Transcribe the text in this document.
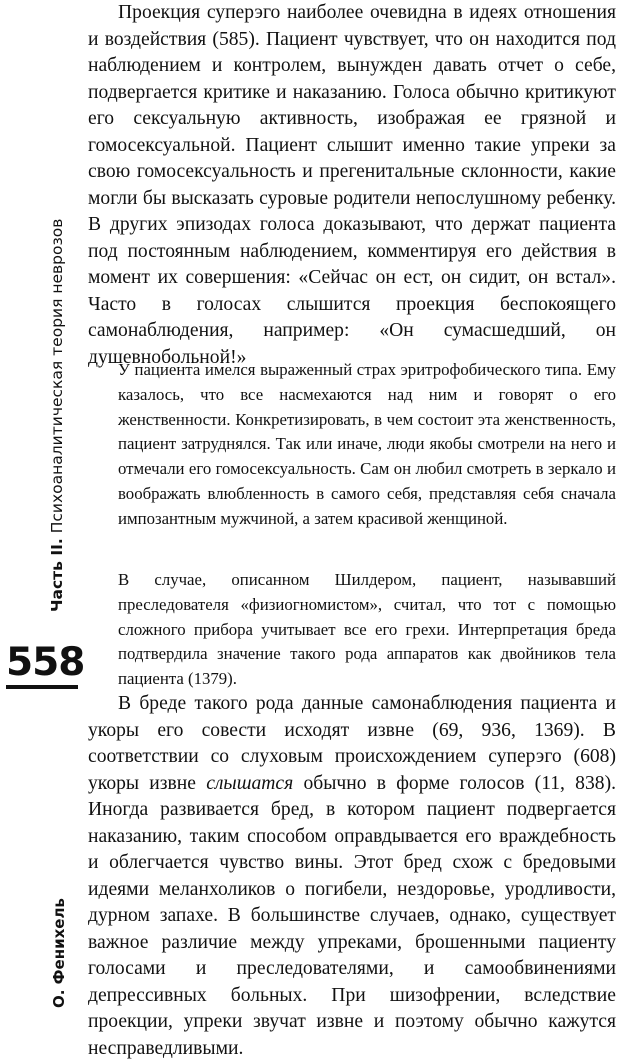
Часть II. Психоаналитическая теория неврозов
558
О. Фенихель

Проекция суперэго наиболее очевидна в идеях отношения и воздействия (585). Пациент чувствует, что он находится под наблюдением и контролем, вынужден давать отчет о себе, подвергается критике и наказанию. Голоса обычно критикуют его сексуальную активность, изображая ее грязной и гомосексуальной. Пациент слышит именно такие упреки за свою гомосексуальность и прегенитальные склонности, какие могли бы высказать суровые родители непослушному ребенку. В других эпизодах голоса доказывают, что держат пациента под постоянным наблюдением, комментируя его действия в момент их совершения: «Сейчас он ест, он сидит, он встал». Часто в голосах слышится проекция беспокоящего самонаблюдения, например: «Он сумасшедший, он душевнобольной!»

У пациента имелся выраженный страх эритрофобического типа. Ему казалось, что все насмехаются над ним и говорят о его женственности. Конкретизировать, в чем состоит эта женственность, пациент затруднялся. Так или иначе, люди якобы смотрели на него и отмечали его гомосексуальность. Сам он любил смотреть в зеркало и воображать влюбленность в самого себя, представляя себя сначала импозантным мужчиной, а затем красивой женщиной.

В случае, описанном Шилдером, пациент, называвший преследователя «физиогномистом», считал, что тот с помощью сложного прибора учитывает все его грехи. Интерпретация бреда подтвердила значение такого рода аппаратов как двойников тела пациента (1379).

В бреде такого рода данные самонаблюдения пациента и укоры его совести исходят извне (69, 936, 1369). В соответствии со слуховым происхождением суперэго (608) укоры извне слышатся обычно в форме голосов (11, 838). Иногда развивается бред, в котором пациент подвергается наказанию, таким способом оправдывается его враждебность и облегчается чувство вины. Этот бред схож с бредовыми идеями меланхоликов о погибели, нездоровье, уродливости, дурном запахе. В большинстве случаев, однако, существует важное различие между упреками, брошенными пациенту голосами и преследователями, и самообвинениями депрессивных больных. При шизофрении, вследствие проекции, упреки звучат извне и поэтому обычно кажутся несправедливыми.
